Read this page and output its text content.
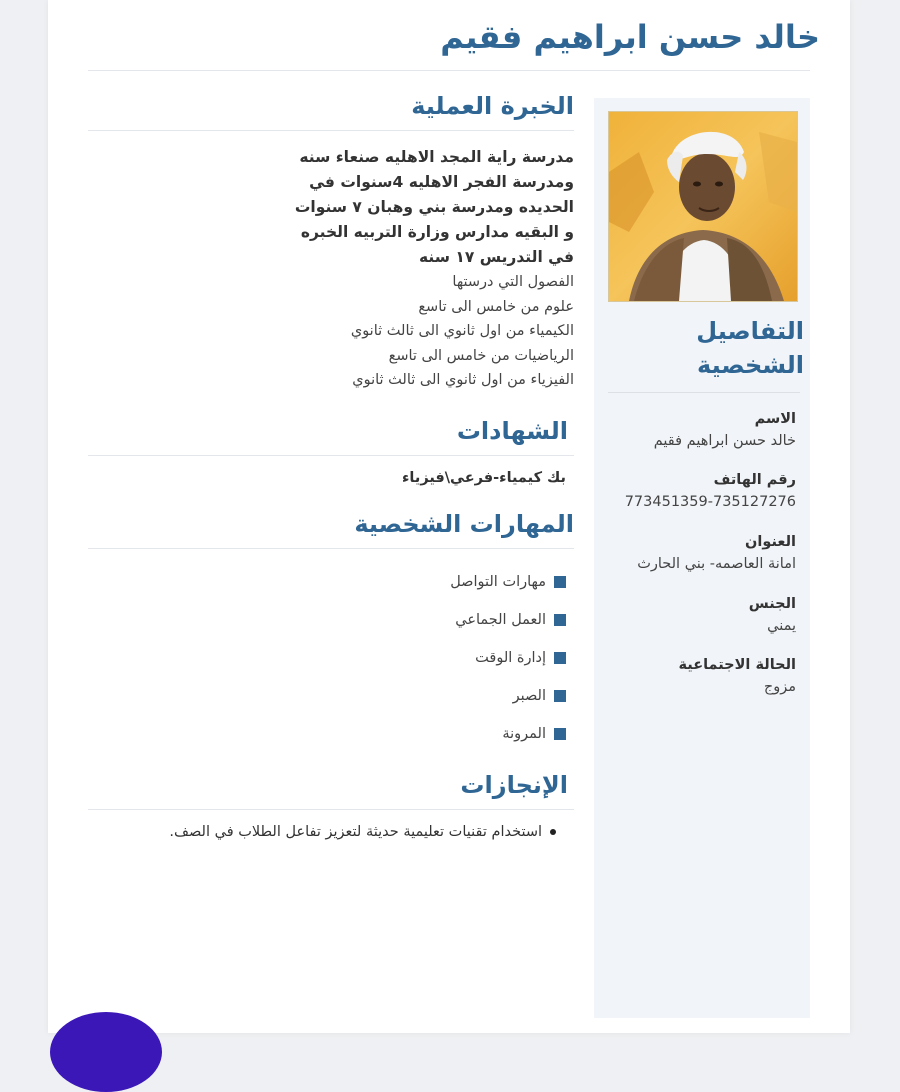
خالد حسن ابراهيم فقيم
الخبرة العملية
مدرسة راية المجد الاهليه صنعاء سنه ومدرسة الفجر الاهليه 4سنوات في الحديده ومدرسة بني وهبان ٧ سنوات و البقيه مدارس وزارة التربيه الخبره في التدريس ١٧ سنه
الفصول التي درستها
علوم من خامس الى تاسع
الكيمياء من اول ثانوي الى ثالث ثانوي
الرياضيات من خامس الى تاسع
الفيزياء من اول ثانوي الى ثالث ثانوي
الشهادات
بك كيمياء-فرعي\فيزياء
المهارات الشخصية
مهارات التواصل
العمل الجماعي
إدارة الوقت
الصبر
المرونة
الإنجازات
استخدام تقنيات تعليمية حديثة لتعزيز تفاعل الطلاب في الصف.
التفاصيل الشخصية
الاسم
خالد حسن ابراهيم فقيم
رقم الهاتف
773451359-735127276
العنوان
امانة العاصمه- بني الحارث
الجنس
يمني
الحالة الاجتماعية
مزوج
